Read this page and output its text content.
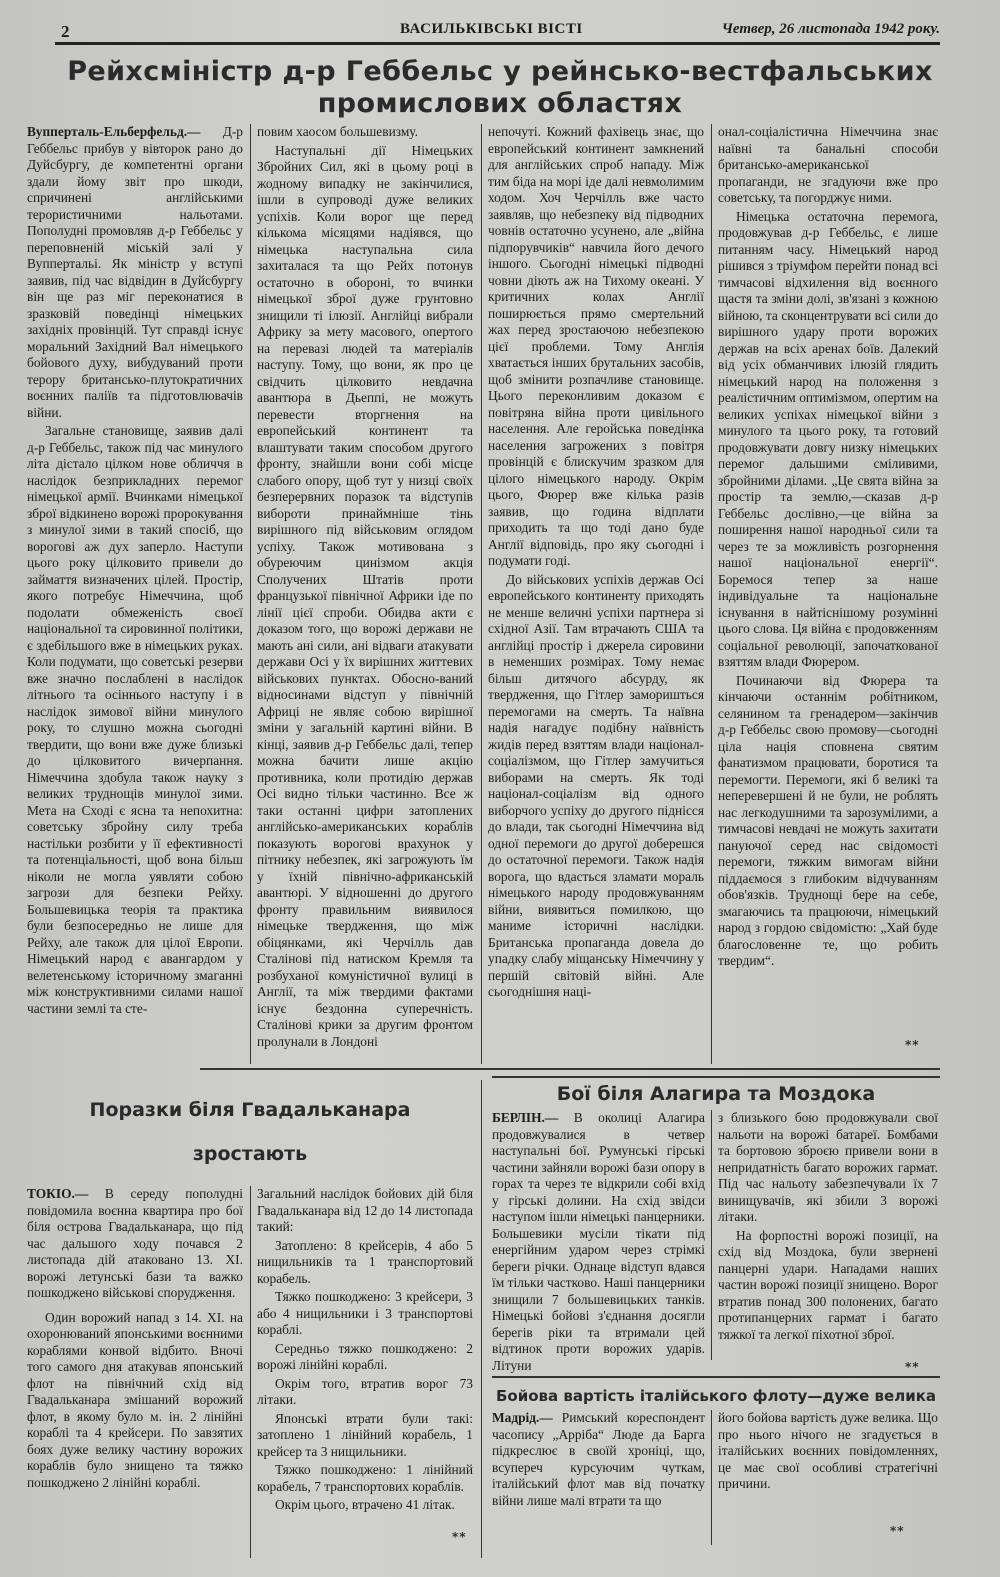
2	ВАСИЛЬКІВСЬКІ ВІСТІ	Четвер, 26 листопада 1942 року.
Рейхсміністр д-р Геббельс у рейнсько-вестфальських
промислових областях

Вупперталь-Ельберфельд.— Д-р Геббельс прибув у вівторок рано до Дуйсбургу, де компетентні органи здали йому звіт про шкоди, спричинені англійськими терористичними нальотами. Пополудні промовляв д-р Геббельс у переповненій міській залі у Вуппертальі. Як міністр у вступі заявив, під час відвідин в Дуйсбургу він ще раз міг переконатися в зразковій поведінці німецьких західніх провінцій. Тут справді існує моральний Західний Вал німецького бойового духу, вибудуваний проти терору британсько-плутократичних воєнних паліїв та підготовлювачів війни.

Загальне становище, заявив далі д-р Геббельс, також під час минулого літа дістало цілком нове обличчя в наслідок безприкладних перемог німецької армії. Вчинками німецької зброї відкинено ворожі пророкування з минулої зими в такий спосіб, що ворогові аж дух заперло. Наступи цього року цілковито привели до займаття визначених цілей. Простір, якого потребує Німеччина, щоб подолати обмеженість своєї національної та сировинної політики, є здебільшого вже в німецьких руках. Коли подумати, що советські резерви вже значно послаблені в наслідок літнього та осіннього наступу і в наслідок зимової війни минулого року, то слушно можна сьогодні твердити, що вони вже дуже близькі до цілковитого вичерпання. Німеччина здобула також науку з великих труднощів минулої зими. Мета на Сході є ясна та непохитна: советську збройну силу треба настільки розбити у її ефективності та потенціальності, щоб вона більш ніколи не могла уявляти собою загрози для безпеки Рейху. Большевицька теорія та практика були безпосередньо не лише для Рейху, але також для цілої Европи. Німецький народ є авангардом у велетенському історичному змаганні між конструктивними силами нашої частини землі та сте-

повим хаосом большевизму.

Наступальні дії Німецьких Збройних Сил, які в цьому році в жодному випадку не закінчилися, ішли в супроводі дуже великих успіхів. Коли ворог ще перед кількома місяцями надіявся, що німецька наступальна сила захиталася та що Рейх потонув остаточно в обороні, то вчинки німецької зброї дуже грунтовно знищили ті ілюзії. Англійці вибрали Африку за мету масового, опертого на перевазі людей та матеріалів наступу. Тому, що вони, як про це свідчить цілковито невдачна авантюра в Дьеппі, не можуть перевести вторгнення на европейський континент та влаштувати таким способом другого фронту, знайшли вони собі місце слабого опору, щоб тут у низці своїх безперервних поразок та відступів вибороти принаймніше тінь вирішного під військовим оглядом успіху. Також мотивована з обуреючим цинізмом акція Сполучених Штатів проти французької північної Африки іде по лінії цієї спроби. Обидва акти є доказом того, що ворожі держави не мають ані сили, ані відваги атакувати держави Осі у їх вирішних життевих військових пунктах. Обосно-ваний відносинами відступ у північній Африці не являє собою вирішної зміни у загальній картині війни. В кінці, заявив д-р Геббельс далі, тепер можна бачити лише акцію противника, коли протидію держав Осі видно тільки частинно. Все ж таки останні цифри затоплених англійсько-американських кораблів показують ворогові врахунок у пітнику небезпек, які загрожують їм у їхній північно-африканській авантюрі. У відношенні до другого фронту правильним виявилося німецьке твердження, що між обіцянками, які Черчілль дав Сталінові під натиском Кремля та розбуханої комуністичної вулиці в Англії, та між твердими фактами існує бездонна суперечність. Сталінові крики за другим фронтом пролунали в Лондоні

непочуті. Кожний фахівець знає, що европейський континент замкнений для англійських спроб нападу. Між тим біда на морі іде далі невмолимим ходом. Хоч Черчілль вже часто заявляв, що небезпеку від підводних човнів остаточно усунено, але „війна підпорувчиків“ навчила його дечого іншого. Сьогодні німецькі підводні човни діють аж на Тихому океані. У критичних колах Англії поширюється прямо смертельний жах перед зростаючою небезпекою цієї проблеми. Тому Англія хватається інших брутальних засобів, щоб змінити розпачливе становище. Цього переконливим доказом є повітряна війна проти цивільного населення. Але геройська поведінка населення загрожених з повітря провінцій є блискучим зразком для цілого німецького народу. Окрім цього, Фюрер вже кілька разів заявив, що година відплати приходить та що тоді дано буде Англії відповідь, про яку сьогодні і подумати годі.

До військових успіхів держав Осі европейського континенту приходять не менше величні успіхи партнера зі східної Азії. Там втрачають США та англійці простір і джерела сировини в неменших розмірах. Тому немає більш дитячого абсурду, як твердження, що Гітлер заморишться перемогами на смерть. Та наївна надія нагадує подібну наївність жидів перед взяттям влади націонал-соціалізмом, що Гітлер замучиться виборами на смерть. Як тоді націонал-соціалізм від одного виборчого успіху до другого піднісся до влади, так сьогодні Німеччина від одної перемоги до другої доберешся до остаточної перемоги. Також надія ворога, що вдасться зламати мораль німецького народу продовжуванням війни, виявиться помилкою, що маниме історичні наслідки. Британська пропаганда довела до упадку слабу міщанську Німеччину у першій світовій війні. Але сьогоднішня наці-

онал-соціалістична Німеччина знає наївні та банальні способи британсько-американської пропаганди, не згадуючи вже про советську, та погорджує ними.

Німецька остаточна перемога, продовжував д-р Геббельс, є лише питанням часу. Німецький народ рішився з тріумфом перейти понад всі тимчасові відхилення від воєнного щастя та зміни долі, зв'язані з кожною війною, та сконцентрувати всі сили до вирішного удару проти ворожих держав на всіх аренах боїв. Далекий від усіх обманчивих ілюзій глядить німецький народ на положення з реалістичним оптимізмом, опертим на великих успіхах німецької війни з минулого та цього року, та готовий продовжувати довгу низку німецьких перемог дальшими сміливими, збройними ділами. „Це свята війна за простір та землю,—сказав д-р Геббельс дослівно,—це війна за поширення нашої народньої сили та через те за можливість розгорнення нашої національної енергії“. Боремося тепер за наше індивідуальне та національне існування в найтіснішому розумінні цього слова. Ця війна є продовженням соціальної революції, започаткованої взяттям влади Фюрером.

Починаючи від Фюрера та кінчаючи останнім робітником, селянином та гренадером—закінчив д-р Геббельс свою промову—сьогодні ціла нація сповнена святим фанатизмом працювати, боротися та перемогти. Перемоги, які б великі та неперевершені й не були, не роблять нас легкодушними та зарозумілими, а тимчасові невдачі не можуть захитати пануючої серед нас свідомості перемоги, тяжким вимогам війни піддаємося з глибоким відчуванням обов'язків. Труднощі бере на себе, змагаючись та працюючи, німецький народ з гордою свідомістю: „Хай буде благословенне те, що робить твердим“.

**
Поразки біля Гвадальканара
зростають

ТОКІО.— В середу пополудні повідомила воєнна квартира про бої біля острова Гвадальканара, що під час дальшого ходу почався 2 листопада дій атаковано 13. XI. ворожі летунські бази та важко пошкоджено військові спорудження.

Один ворожий напад з 14. XI. на охоронюваний японськими воєнними кораблями конвой відбито. Вночі того самого дня атакував японський флот на північний схід від Гвадальканара змішаний ворожий флот, в якому було м. ін. 2 лінійні кораблі та 4 крейсери. По завзятих боях дуже велику частину ворожих кораблів було знищено та тяжко пошкоджено 2 лінійні кораблі.

Загальний наслідок бойових дій біля Гвадальканара від 12 до 14 листопада такий:

Затоплено: 8 крейсерів, 4 або 5 нищильників та 1 транспортовий корабель.

Тяжко пошкоджено: 3 крейсери, 3 або 4 нищильники і 3 транспортові кораблі.

Середньо тяжко пошкоджено: 2 ворожі лінійні кораблі.

Окрім того, втратив ворог 73 літаки.

Японські втрати були такі: затоплено 1 лінійний корабель, 1 крейсер та 3 нищильники.

Тяжко пошкоджено: 1 лінійний корабель, 7 транспортових кораблів.

Окрім цього, втрачено 41 літак.

**
Бої біля Алагира та Моздока

БЕРЛІН.— В околиці Алагира продовжувалися в четвер наступальні бої. Румунські гірські частини зайняли ворожі бази опору в горах та через те відкрили собі вхід у гірські долини. На схід звідси наступом ішли німецькі панцерники. Большевики мусіли тікати під енергійним ударом через стрімкі береги річки. Однаце відступ вдався їм тільки частково. Наші панцерники знищили 7 большевицьких танків. Німецькі бойові з'єднання досягли берегів ріки та втримали цей відтинок проти ворожих ударів. Літуни

з близького бою продовжували свої нальоти на ворожі батареї. Бомбами та бортовою зброєю привели вони в непридатність багато ворожих гармат. Під час нальоту забезпечували їх 7 винищувачів, які збили 3 ворожі літаки.

На форпостні ворожі позиції, на схід від Моздока, були звернені панцерні удари. Нападами наших частин ворожі позиції знищено. Ворог втратив понад 300 полонених, багато протипанцерних гармат і багато тяжкої та легкої піхотної зброї.

**
Бойова вартість італійського флоту—дуже велика

Мадрід.— Римський кореспондент часопису „Арріба“ Люде да Барга підкреслює в своїй хроніці, що, всупереч курсуючим чуткам, італійський флот мав від початку війни лише малі втрати та що

його бойова вартість дуже велика. Що про нього нічого не згадується в італійських воєнних повідомленнях, це має свої особливі стратегічні причини.

**
